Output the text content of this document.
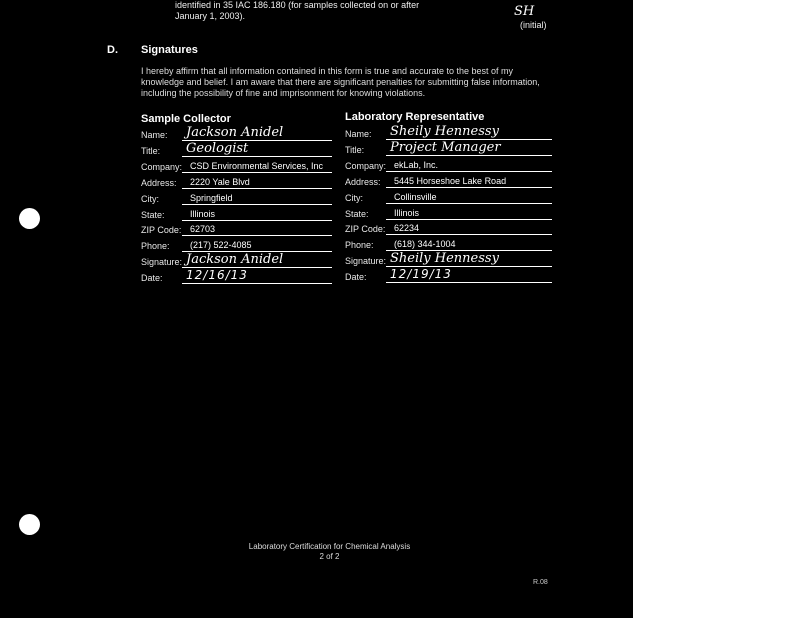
identified in 35 IAC 186.180 (for samples collected on or after
January 1, 2003).	SH
(initial)
D. Signatures
I hereby affirm that all information contained in this form is true and accurate to the best of my knowledge and belief. I am aware that there are significant penalties for submitting false information, including the possibility of fine and imprisonment for knowing violations.
Sample Collector	Laboratory Representative
Name: Jackson Anidel
Title: Geologist
Company: CSD Environmental Services, Inc
Address: 2220 Yale Blvd
City:	Springfield
State:	Illinois
ZIP Code: 62703
Phone: (217) 522-4085
Signature: Jackson Anidel
Date: 12/16/13
Name: Sheily Hennessy
Title: Project Manager
Company: ekLab, Inc.
Address: 5445 Horseshoe Lake Road
City:	Collinsville
State:	Illinois
ZIP Code: 62234
Phone: (618) 344-1004
Signature: Sheily Hennessy
Date: 12/19/13
Laboratory Certification for Chemical Analysis
2 of 2
R.08
